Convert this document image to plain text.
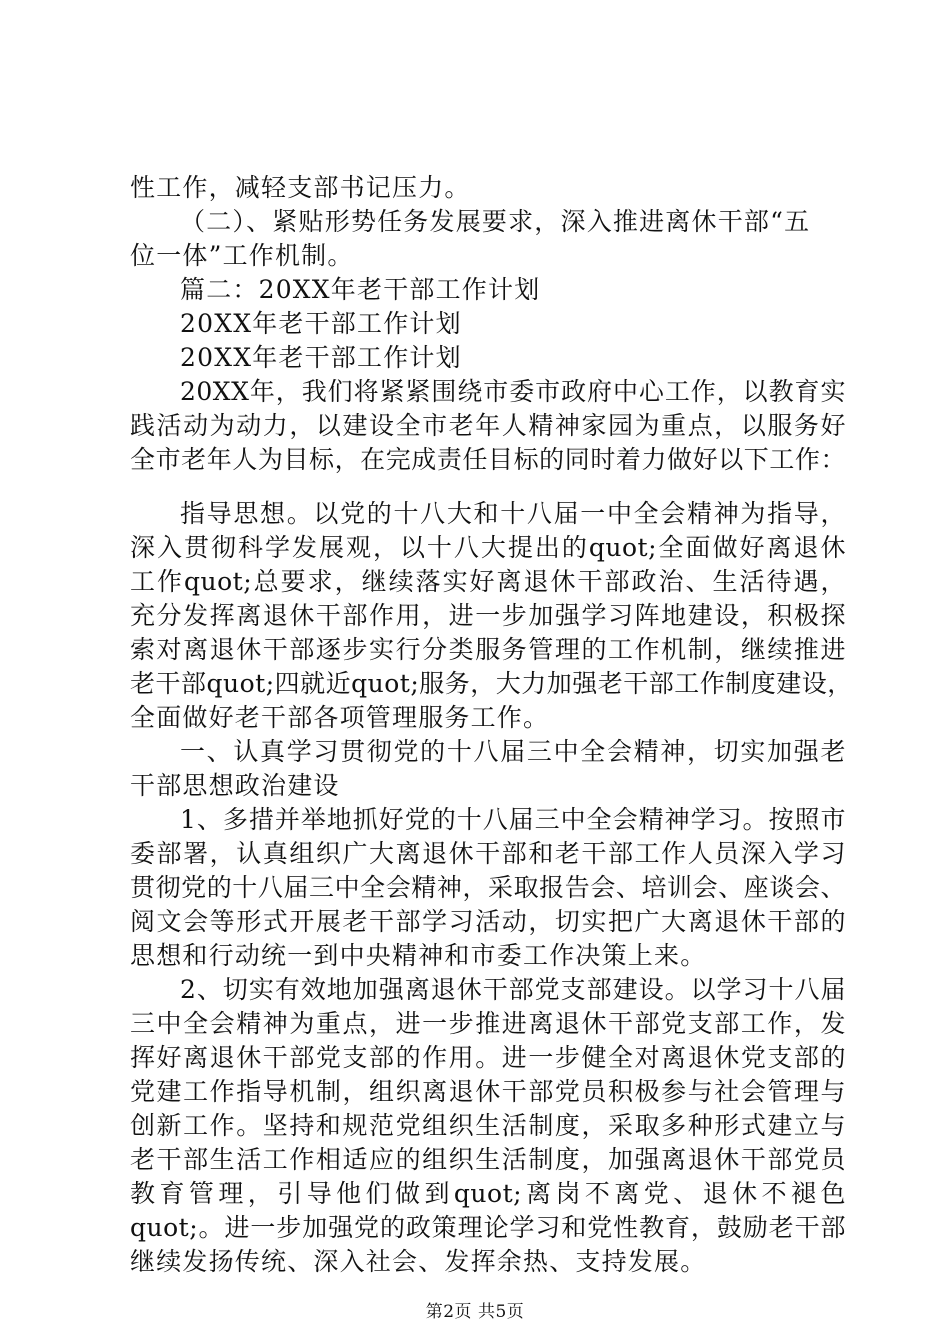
性工作，减轻支部书记压力。
（二）、紧贴形势任务发展要求，深入推进离休干部“五
位一体”工作机制。
篇二：20XX年老干部工作计划
20XX年老干部工作计划
20XX年老干部工作计划
20XX年，我们将紧紧围绕市委市政府中心工作，以教育实
践活动为动力，以建设全市老年人精神家园为重点，以服务好
全市老年人为目标，在完成责任目标的同时着力做好以下工作：
指导思想。以党的十八大和十八届一中全会精神为指导，
深入贯彻科学发展观，以十八大提出的quot;全面做好离退休
工作quot;总要求，继续落实好离退休干部政治、生活待遇，
充分发挥离退休干部作用，进一步加强学习阵地建设，积极探
索对离退休干部逐步实行分类服务管理的工作机制，继续推进
老干部quot;四就近quot;服务，大力加强老干部工作制度建设，
全面做好老干部各项管理服务工作。
一、认真学习贯彻党的十八届三中全会精神，切实加强老
干部思想政治建设
1、多措并举地抓好党的十八届三中全会精神学习。按照市
委部署，认真组织广大离退休干部和老干部工作人员深入学习
贯彻党的十八届三中全会精神，采取报告会、培训会、座谈会、
阅文会等形式开展老干部学习活动，切实把广大离退休干部的
思想和行动统一到中央精神和市委工作决策上来。
2、切实有效地加强离退休干部党支部建设。以学习十八届
三中全会精神为重点，进一步推进离退休干部党支部工作，发
挥好离退休干部党支部的作用。进一步健全对离退休党支部的
党建工作指导机制，组织离退休干部党员积极参与社会管理与
创新工作。坚持和规范党组织生活制度，采取多种形式建立与
老干部生活工作相适应的组织生活制度，加强离退休干部党员
教育管理，引导他们做到quot;离岗不离党、退休不褪色
quot;。进一步加强党的政策理论学习和党性教育，鼓励老干部
继续发扬传统、深入社会、发挥余热、支持发展。
第2页 共5页
